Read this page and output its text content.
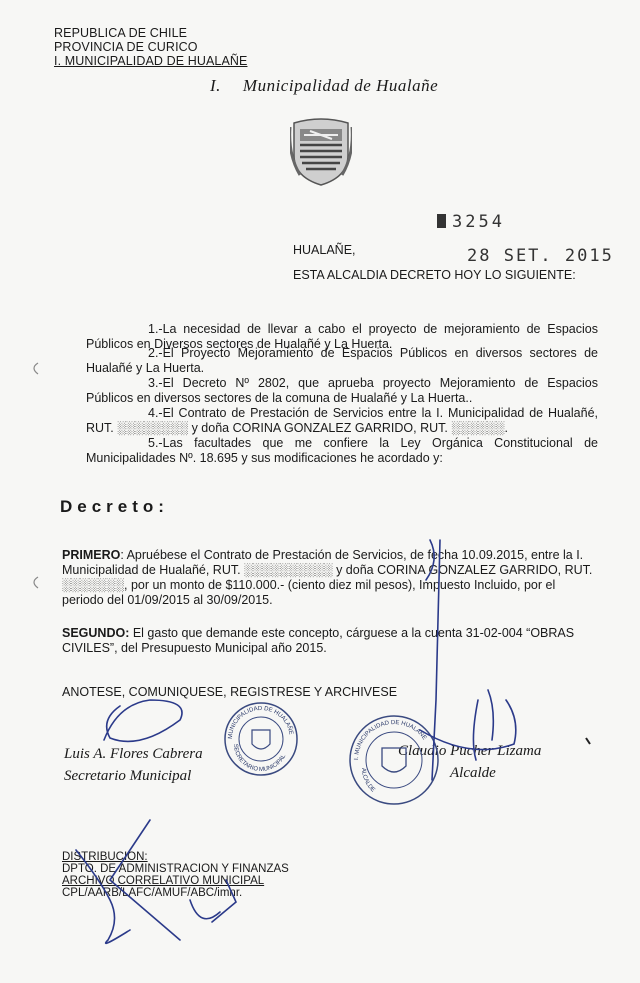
REPUBLICA DE CHILE
PROVINCIA DE CURICO
I. MUNICIPALIDAD DE HUALAÑE
I. Municipalidad de Hualañe
3254
HUALAÑE,	28 SET. 2015
ESTA ALCALDIA DECRETO HOY LO SIGUIENTE:
1.-La necesidad de llevar a cabo el proyecto de mejoramiento de Espacios Públicos en Diversos sectores de Hualañé y La Huerta.
2.-El Proyecto Mejoramiento de Espacios Públicos en diversos sectores de Hualañé y La Huerta.
3.-El Decreto Nº 2802, que aprueba proyecto Mejoramiento de Espacios Públicos en diversos sectores de la comuna de Hualañé y La Huerta..
4.-El Contrato de Prestación de Servicios entre la I. Municipalidad de Hualañé, RUT. ░░░░░░░░ y doña CORINA GONZALEZ GARRIDO, RUT. ░░░░░░.
5.-Las facultades que me confiere la Ley Orgánica Constitucional de Municipalidades Nº. 18.695 y sus modificaciones he acordado y:
Decreto:
PRIMERO: Apruébese el Contrato de Prestación de Servicios, de fecha 10.09.2015, entre la I. Municipalidad de Hualañé, RUT. ░░░░░░░░░░ y doña CORINA GONZALEZ GARRIDO, RUT. ░░░░░░░, por un monto de $110.000.- (ciento diez mil pesos), Impuesto Incluido, por el periodo del 01/09/2015 al 30/09/2015.
SEGUNDO: El gasto que demande este concepto, cárguese a la cuenta 31-02-004 “OBRAS CIVILES”, del Presupuesto Municipal año 2015.
ANOTESE, COMUNIQUESE, REGISTRESE Y ARCHIVESE
Luis A. Flores Cabrera
Secretario Municipal
Claudio Pucher Lizama
Alcalde
MUNICIPALIDAD DE HUALAÑE
SECRETARIO MUNICIPAL	I. MUNICIPALIDAD DE HUALAÑE
ALCALDE
DISTRIBUCION:
DPTO. DE ADMINISTRACION Y FINANZAS
ARCHIVO CORRELATIVO MUNICIPAL
CPL/AARB/LAFC/AMUF/ABC/imnr.
